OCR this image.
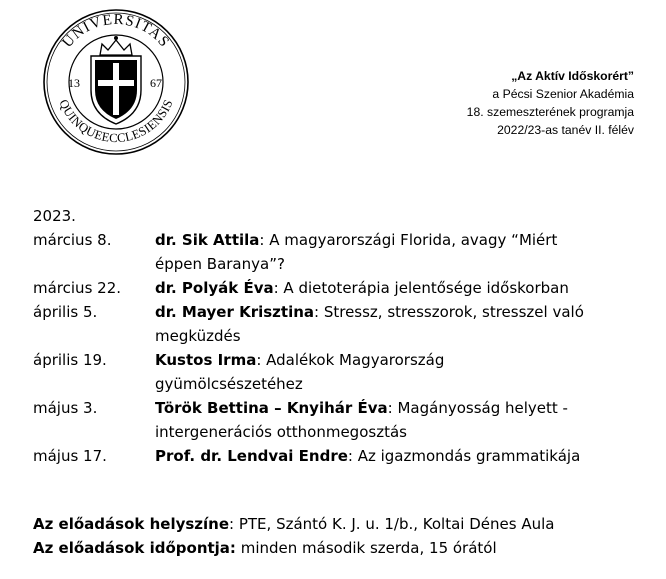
UNIVERSITAS
QUINQUEECCLESIENSIS
13	67	„Az Aktív Időskorért”
a Pécsi Szenior Akadémia
18. szemeszterének programja
2022/23-as tanév II. félév
2023.
március 8.	dr. Sik Attila: A magyarországi Florida, avagy “Miért éppen Baranya”?
március 22.	dr. Polyák Éva: A dietoterápia jelentősége időskorban
április 5.	dr. Mayer Krisztina: Stressz, stresszorok, stresszel való megküzdés
április 19.	Kustos Irma: Adalékok Magyarország gyümölcsészetéhez
május 3.	Török Bettina – Knyihár Éva: Magányosság helyett - intergenerációs otthonmegosztás
május 17.	Prof. dr. Lendvai Endre: Az igazmondás grammatikája
Az előadások helyszíne: PTE, Szántó K. J. u. 1/b., Koltai Dénes Aula
Az előadások időpontja: minden második szerda, 15 órától
